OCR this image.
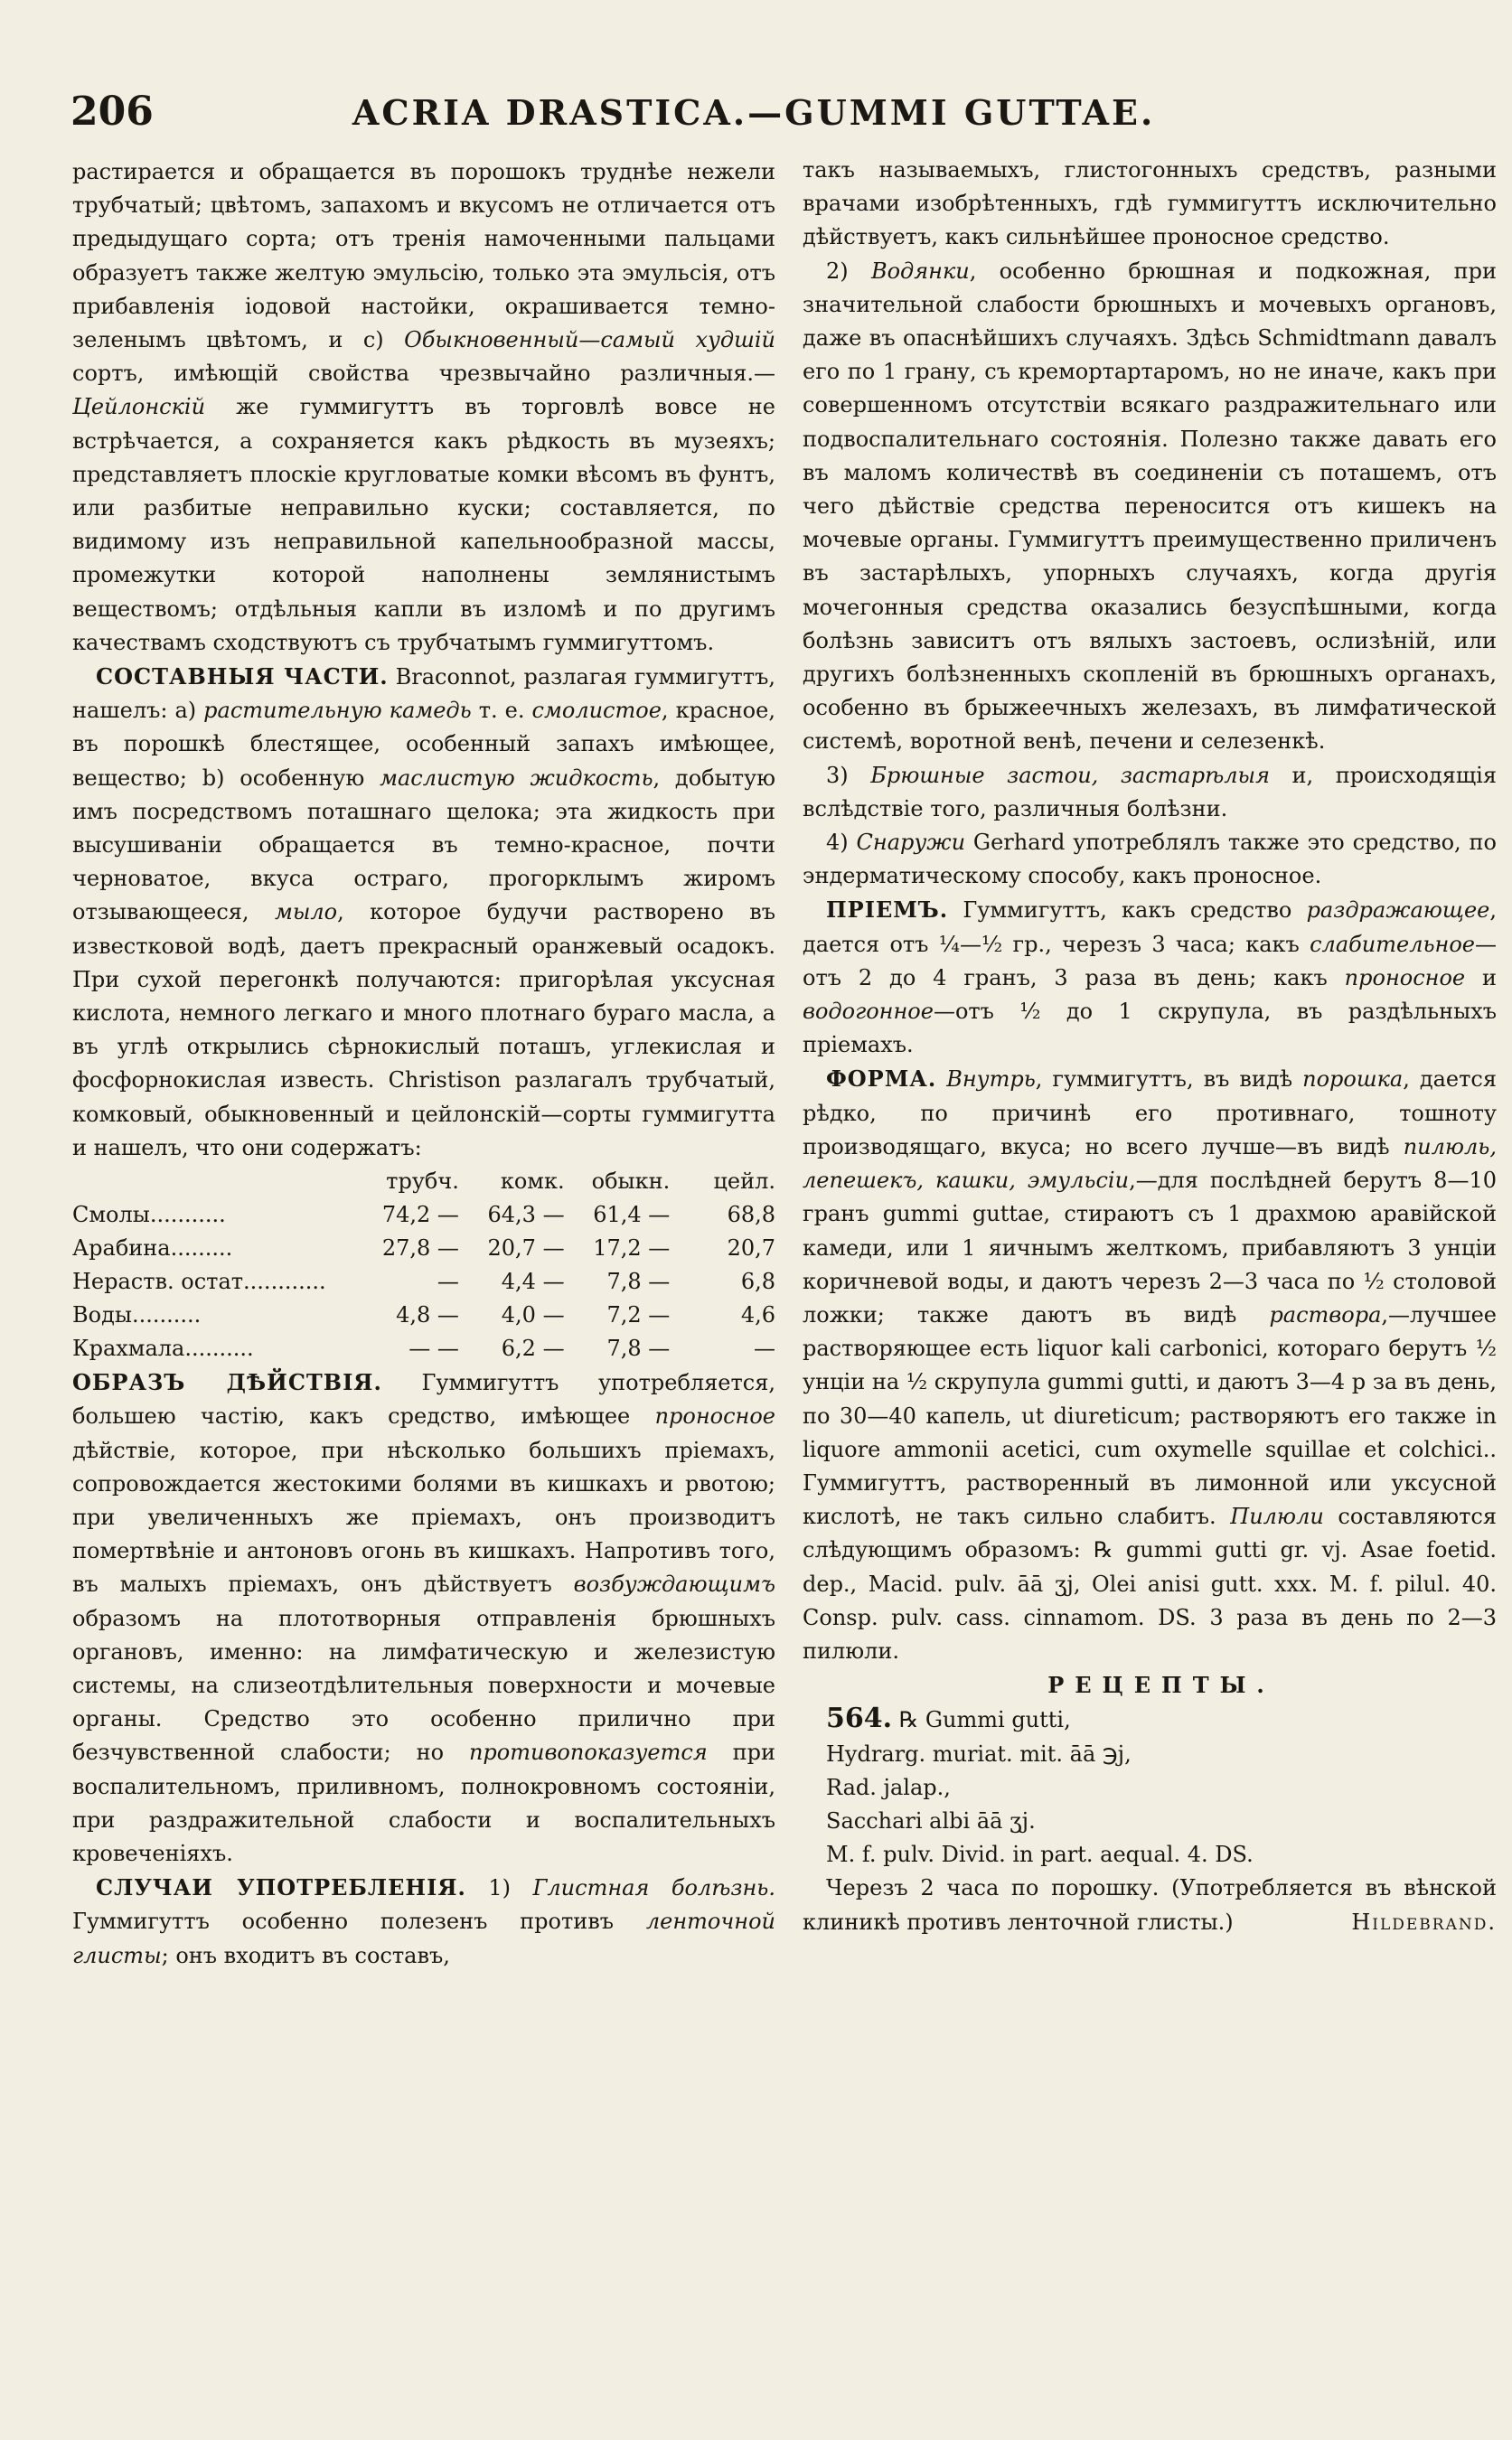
206	ACRIA DRASTICA.—GUMMI GUTTAE.

растирается и обращается въ порошокъ труднѣе нежели трубчатый; цвѣтомъ, запахомъ и вкусомъ не отличается отъ предыдущаго сорта; отъ тренія намоченными пальцами образуетъ также желтую эмульсію, только эта эмульсія, отъ прибавленія іодовой настойки, окрашивается темно-зеленымъ цвѣтомъ, и c) Обыкновенный—самый худшій сортъ, имѣющій свойства чрезвычайно различныя.—Цейлонскій же гуммигуттъ въ торговлѣ вовсе не встрѣчается, а сохраняется какъ рѣдкость въ музеяхъ; представляетъ плоскіе кругловатые комки вѣсомъ въ фунтъ, или разбитые неправильно куски; составляется, по видимому изъ неправильной капельнообразной массы, промежутки которой наполнены землянистымъ веществомъ; отдѣльныя капли въ изломѣ и по другимъ качествамъ сходствуютъ съ трубчатымъ гуммигуттомъ.

СОСТАВНЫЯ ЧАСТИ. Braconnot, разлагая гуммигуттъ, нашелъ: a) растительную камедь т. е. смолистое, красное, въ порошкѣ блестящее, особенный запахъ имѣющее, вещество; b) особенную маслистую жидкость, добытую имъ посредствомъ поташнаго щелока; эта жидкость при высушиваніи обращается въ темно-красное, почти черноватое, вкуса остраго, прогорклымъ жиромъ отзывающееся, мыло, которое будучи растворено въ известковой водѣ, даетъ прекрасный оранжевый осадокъ. При сухой перегонкѣ получаются: пригорѣлая уксусная кислота, немного легкаго и много плотнаго бураго масла, а въ углѣ открылись сѣрнокислый поташъ, углекислая и фосфорнокислая известь. Christison разлагалъ трубчатый, комковый, обыкновенный и цейлонскій—сорты гуммигутта и нашелъ, что они содержатъ:

	трубч.	комк.	обыкн.	цейл.
Смолы...........	74,2 —	64,3 —	61,4 —	68,8
Арабина.........	27,8 —	20,7 —	17,2 —	20,7
Нераств. остат............	—	4,4 —	7,8 —	6,8
Воды..........	4,8 —	4,0 —	7,2 —	4,6
Крахмала..........	— —	6,2 —	7,8 —	—

ОБРАЗЪ ДѢЙСТВІЯ. Гуммигуттъ употребляется, большею частію, какъ средство, имѣющее проносное дѣйствіе, которое, при нѣсколько большихъ пріемахъ, сопровождается жестокими болями въ кишкахъ и рвотою; при увеличенныхъ же пріемахъ, онъ производитъ помертвѣніе и антоновъ огонь въ кишкахъ. Напротивъ того, въ малыхъ пріемахъ, онъ дѣйствуетъ возбуждающимъ образомъ на плототворныя отправленія брюшныхъ органовъ, именно: на лимфатическую и железистую системы, на слизеотдѣлительныя поверхности и мочевые органы. Средство это особенно прилично при безчувственной слабости; но противопоказуется при воспалительномъ, приливномъ, полнокровномъ состояніи, при раздражительной слабости и воспалительныхъ кровеченіяхъ.

СЛУЧАИ УПОТРЕБЛЕНІЯ. 1) Глистная болѣзнь. Гуммигуттъ особенно полезенъ противъ ленточной глисты; онъ входитъ въ составъ,

такъ называемыхъ, глистогонныхъ средствъ, разными врачами изобрѣтенныхъ, гдѣ гуммигуттъ исключительно дѣйствуетъ, какъ сильнѣйшее проносное средство.

2) Водянки, особенно брюшная и подкожная, при значительной слабости брюшныхъ и мочевыхъ органовъ, даже въ опаснѣйшихъ случаяхъ. Здѣсь Schmidtmann давалъ его по 1 грану, съ кремортартаромъ, но не иначе, какъ при совершенномъ отсутствіи всякаго раздражительнаго или подвоспалительнаго состоянія. Полезно также давать его въ маломъ количествѣ въ соединеніи съ поташемъ, отъ чего дѣйствіе средства переносится отъ кишекъ на мочевые органы. Гуммигуттъ преимущественно приличенъ въ застарѣлыхъ, упорныхъ случаяхъ, когда другія мочегонныя средства оказались безуспѣшными, когда болѣзнь зависитъ отъ вялыхъ застоевъ, ослизѣній, или другихъ болѣзненныхъ скопленій въ брюшныхъ органахъ, особенно въ брыжеечныхъ железахъ, въ лимфатической системѣ, воротной венѣ, печени и селезенкѣ.

3) Брюшные застои, застарѣлыя и, происходящія вслѣдствіе того, различныя болѣзни.

4) Снаружи Gerhard употреблялъ также это средство, по эндерматическому способу, какъ проносное.

ПРІЕМЪ. Гуммигуттъ, какъ средство раздражающее, дается отъ ¼—½ гр., черезъ 3 часа; какъ слабительное—отъ 2 до 4 гранъ, 3 раза въ день; какъ проносное и водогонное—отъ ½ до 1 скрупула, въ раздѣльныхъ пріемахъ.

ФОРМА. Внутрь, гуммигуттъ, въ видѣ порошка, дается рѣдко, по причинѣ его противнаго, тошноту производящаго, вкуса; но всего лучше—въ видѣ пилюль, лепешекъ, кашки, эмульсіи,—для послѣдней берутъ 8—10 гранъ gummi guttae, стираютъ съ 1 драхмою аравійской камеди, или 1 яичнымъ желткомъ, прибавляютъ 3 унціи коричневой воды, и даютъ черезъ 2—3 часа по ½ столовой ложки; также даютъ въ видѣ раствора,—лучшее растворяющее есть liquor kali carbonici, котораго берутъ ½ унціи на ½ скрупула gummi gutti, и даютъ 3—4 р за въ день, по 30—40 капель, ut diureticum; растворяютъ его также in liquore ammonii acetici, cum oxymelle squillae et colchici.. Гуммигуттъ, растворенный въ лимонной или уксусной кислотѣ, не такъ сильно слабитъ. Пилюли составляются слѣдующимъ образомъ: ℞ gummi gutti gr. vj. Asae foetid. dep., Macid. pulv. āā ʒj, Olei anisi gutt. xxx. M. f. pilul. 40. Consp. pulv. cass. cinnamom. DS. 3 раза въ день по 2—3 пилюли.

РЕЦЕПТЫ.

564. ℞ Gummi gutti,

Hydrarg. muriat. mit. āā ℈j,

Rad. jalap.,

Sacchari albi āā ʒj.

M. f. pulv. Divid. in part. aequal. 4. DS.

Черезъ 2 часа по порошку. (Употребляется въ вѣнской клиникѣ противъ ленточной глисты.)	Hildebrand.
